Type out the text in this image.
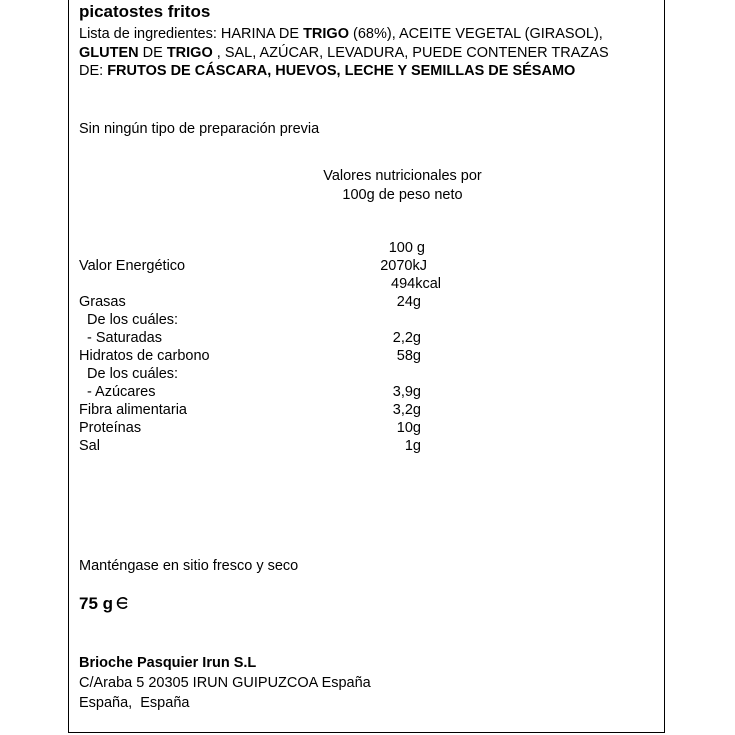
picatostes fritos
Lista de ingredientes: HARINA DE TRIGO (68%), ACEITE VEGETAL (GIRASOL), GLUTEN DE TRIGO , SAL, AZÚCAR, LEVADURA, PUEDE CONTENER TRAZAS DE: FRUTOS DE CÁSCARA, HUEVOS, LECHE Y SEMILLAS DE SÉSAMO
Sin ningún tipo de preparación previa
Valores nutricionales por
100g de peso neto
100 g
Valor Energético	2070kJ
494kcal
Grasas	24g
De los cuáles:
- Saturadas	2,2g
Hidratos de carbono	58g
De los cuáles:
- Azúcares	3,9g
Fibra alimentaria	3,2g
Proteínas	10g
Sal	1g
Manténgase en sitio fresco y seco
75 g
Brioche Pasquier Irun S.L
C/Araba 5 20305 IRUN GUIPUZCOA España
España,  España
